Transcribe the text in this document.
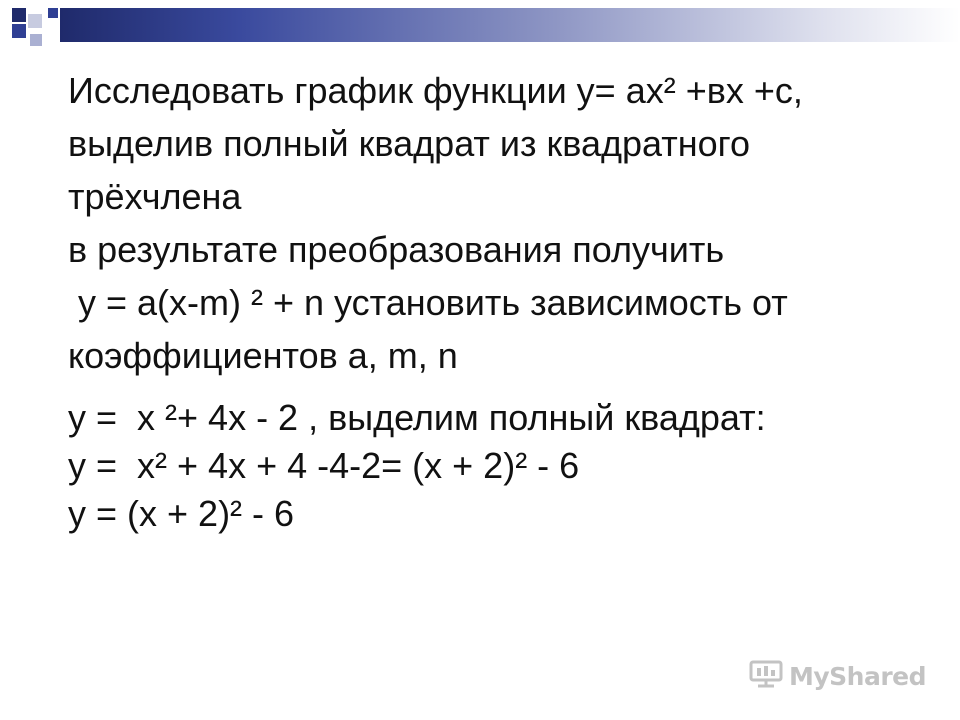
Исследовать график функции y= ax² +вx +c,
выделив полный квадрат из квадратного
трёхчлена
в результате преобразования получить
y = a(x-m) ² + n установить зависимость от
коэффициентов a, m, n
y =  x ²+ 4x - 2 , выделим полный квадрат:
y =  x² + 4x + 4 -4-2= (x + 2)² - 6
y = (x + 2)² - 6
MyShared
